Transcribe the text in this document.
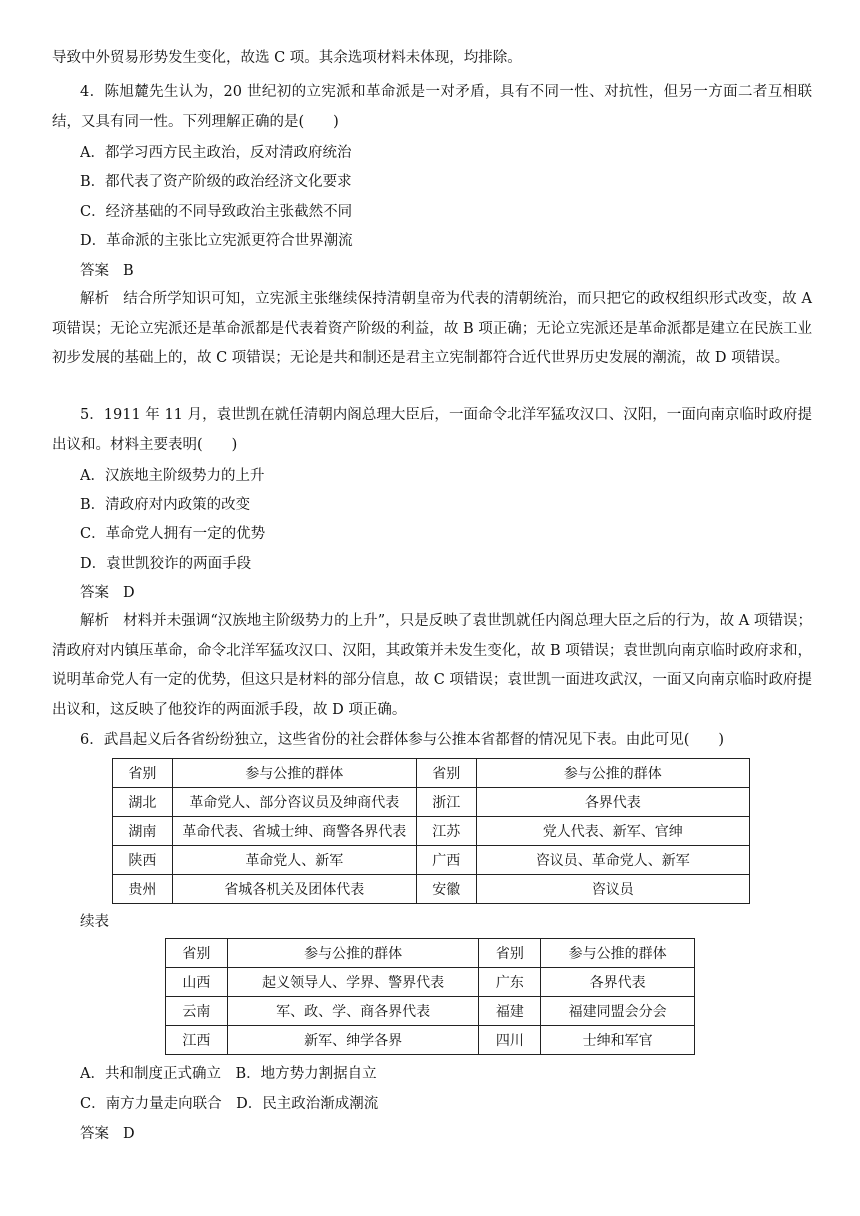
导致中外贸易形势发生变化，故选 C 项。其余选项材料未体现，均排除。
4．陈旭麓先生认为，20 世纪初的立宪派和革命派是一对矛盾，具有不同一性、对抗性，但另一方面二者互相联结，又具有同一性。下列理解正确的是(　　)
A．都学习西方民主政治，反对清政府统治
B．都代表了资产阶级的政治经济文化要求
C．经济基础的不同导致政治主张截然不同
D．革命派的主张比立宪派更符合世界潮流
答案 B
解析 结合所学知识可知，立宪派主张继续保持清朝皇帝为代表的清朝统治，而只把它的政权组织形式改变，故 A 项错误；无论立宪派还是革命派都是代表着资产阶级的利益，故 B 项正确；无论立宪派还是革命派都是建立在民族工业初步发展的基础上的，故 C 项错误；无论是共和制还是君主立宪制都符合近代世界历史发展的潮流，故 D 项错误。
5．1911 年 11 月，袁世凯在就任清朝内阁总理大臣后，一面命令北洋军猛攻汉口、汉阳，一面向南京临时政府提出议和。材料主要表明(　　)
A．汉族地主阶级势力的上升
B．清政府对内政策的改变
C．革命党人拥有一定的优势
D．袁世凯狡诈的两面手段
答案 D
解析 材料并未强调“汉族地主阶级势力的上升”，只是反映了袁世凯就任内阁总理大臣之后的行为，故 A 项错误；清政府对内镇压革命，命令北洋军猛攻汉口、汉阳，其政策并未发生变化，故 B 项错误；袁世凯向南京临时政府求和，说明革命党人有一定的优势，但这只是材料的部分信息，故 C 项错误；袁世凯一面进攻武汉，一面又向南京临时政府提出议和，这反映了他狡诈的两面派手段，故 D 项正确。
6．武昌起义后各省纷纷独立，这些省份的社会群体参与公推本省都督的情况见下表。由此可见(　　)
省别	参与公推的群体	省别	参与公推的群体
湖北	革命党人、部分咨议员及绅商代表	浙江	各界代表
湖南	革命代表、省城士绅、商警各界代表	江苏	党人代表、新军、官绅
陕西	革命党人、新军	广西	咨议员、革命党人、新军
贵州	省城各机关及团体代表	安徽	咨议员
续表
省别	参与公推的群体	省别	参与公推的群体
山西	起义领导人、学界、警界代表	广东	各界代表
云南	军、政、学、商各界代表	福建	福建同盟会分会
江西	新军、绅学各界	四川	士绅和军官
A．共和制度正式确立　B．地方势力割据自立
C．南方力量走向联合　D．民主政治渐成潮流
答案 D
